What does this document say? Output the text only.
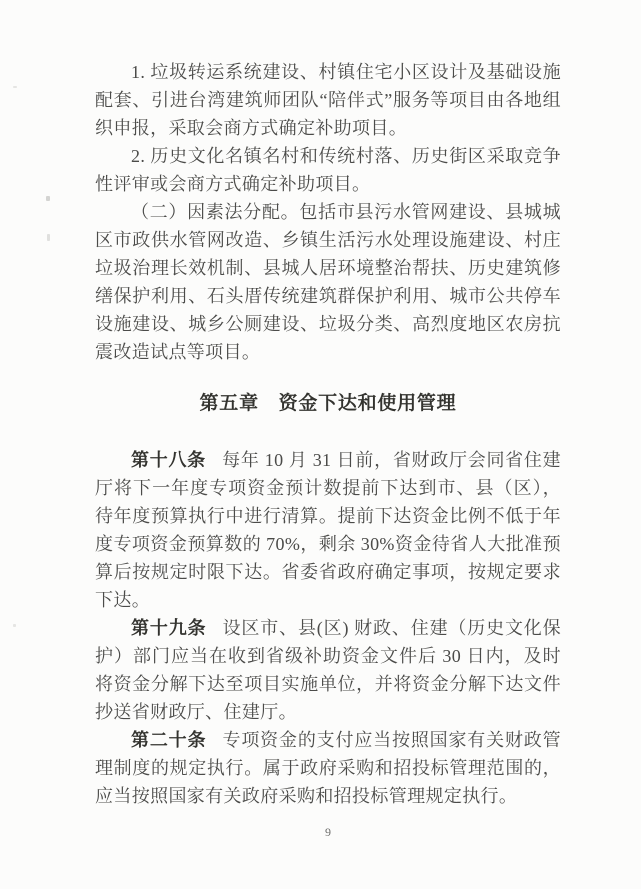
1. 垃圾转运系统建设、村镇住宅小区设计及基础设施配套、引进台湾建筑师团队“陪伴式”服务等项目由各地组织申报，采取会商方式确定补助项目。

2. 历史文化名镇名村和传统村落、历史街区采取竞争性评审或会商方式确定补助项目。

（二）因素法分配。包括市县污水管网建设、县城城区市政供水管网改造、乡镇生活污水处理设施建设、村庄垃圾治理长效机制、县城人居环境整治帮扶、历史建筑修缮保护利用、石头厝传统建筑群保护利用、城市公共停车设施建设、城乡公厕建设、垃圾分类、高烈度地区农房抗震改造试点等项目。

第五章　资金下达和使用管理

第十八条 每年 10 月 31 日前，省财政厅会同省住建厅将下一年度专项资金预计数提前下达到市、县（区），待年度预算执行中进行清算。提前下达资金比例不低于年度专项资金预算数的 70%，剩余 30%资金待省人大批准预算后按规定时限下达。省委省政府确定事项，按规定要求下达。

第十九条 设区市、县(区) 财政、住建（历史文化保护）部门应当在收到省级补助资金文件后 30 日内，及时将资金分解下达至项目实施单位，并将资金分解下达文件抄送省财政厅、住建厅。

第二十条 专项资金的支付应当按照国家有关财政管理制度的规定执行。属于政府采购和招投标管理范围的，应当按照国家有关政府采购和招投标管理规定执行。

9
